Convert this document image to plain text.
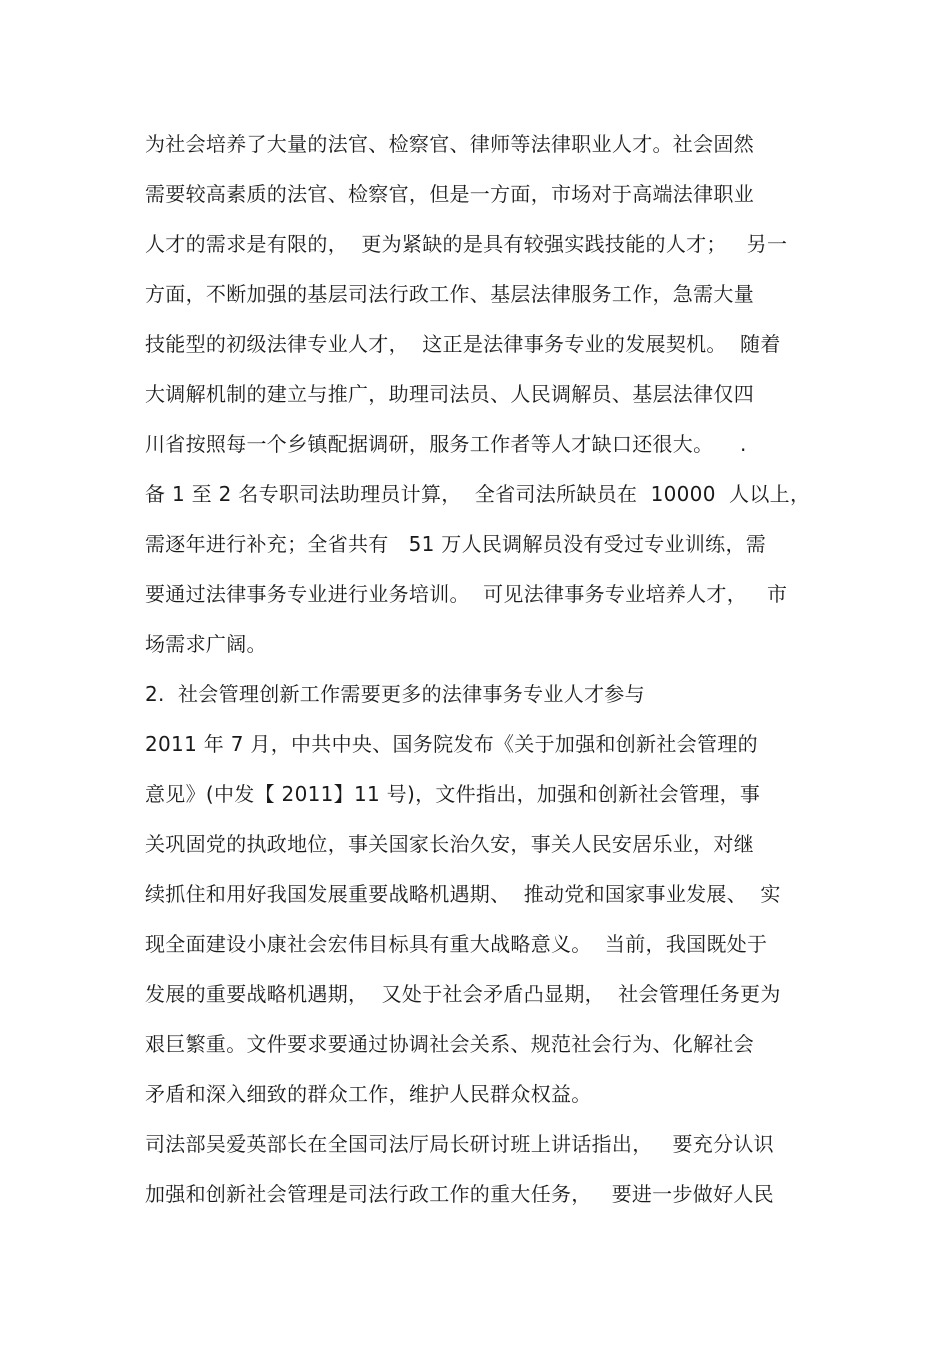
为社会培养了大量的法官、检察官、律师等法律职业人才。社会固然

需要较高素质的法官、检察官，但是一方面，市场对于高端法律职业

人才的需求是有限的，  更为紧缺的是具有较强实践技能的人才；   另一

方面，不断加强的基层司法行政工作、基层法律服务工作，急需大量

技能型的初级法律专业人才，  这正是法律事务专业的发展契机。  随着

大调解机制的建立与推广，助理司法员、人民调解员、基层法律仅四

川省按照每一个乡镇配据调研，服务工作者等人才缺口还很大。    .

备 1 至 2 名专职司法助理员计算，  全省司法所缺员在  10000  人以上，

需逐年进行补充；全省共有   51 万人民调解员没有受过专业训练，需

要通过法律事务专业进行业务培训。  可见法律事务专业培养人才，   市

场需求广阔。

2.  社会管理创新工作需要更多的法律事务专业人才参与

2011 年 7 月，中共中央、国务院发布《关于加强和创新社会管理的

意见》(中发【 2011】11 号)，文件指出，加强和创新社会管理，事

关巩固党的执政地位，事关国家长治久安，事关人民安居乐业，对继

续抓住和用好我国发展重要战略机遇期、  推动党和国家事业发展、  实

现全面建设小康社会宏伟目标具有重大战略意义。  当前，我国既处于

发展的重要战略机遇期，  又处于社会矛盾凸显期，  社会管理任务更为

艰巨繁重。文件要求要通过协调社会关系、规范社会行为、化解社会

矛盾和深入细致的群众工作，维护人民群众权益。

司法部吴爱英部长在全国司法厅局长研讨班上讲话指出，   要充分认识

加强和创新社会管理是司法行政工作的重大任务，   要进一步做好人民
